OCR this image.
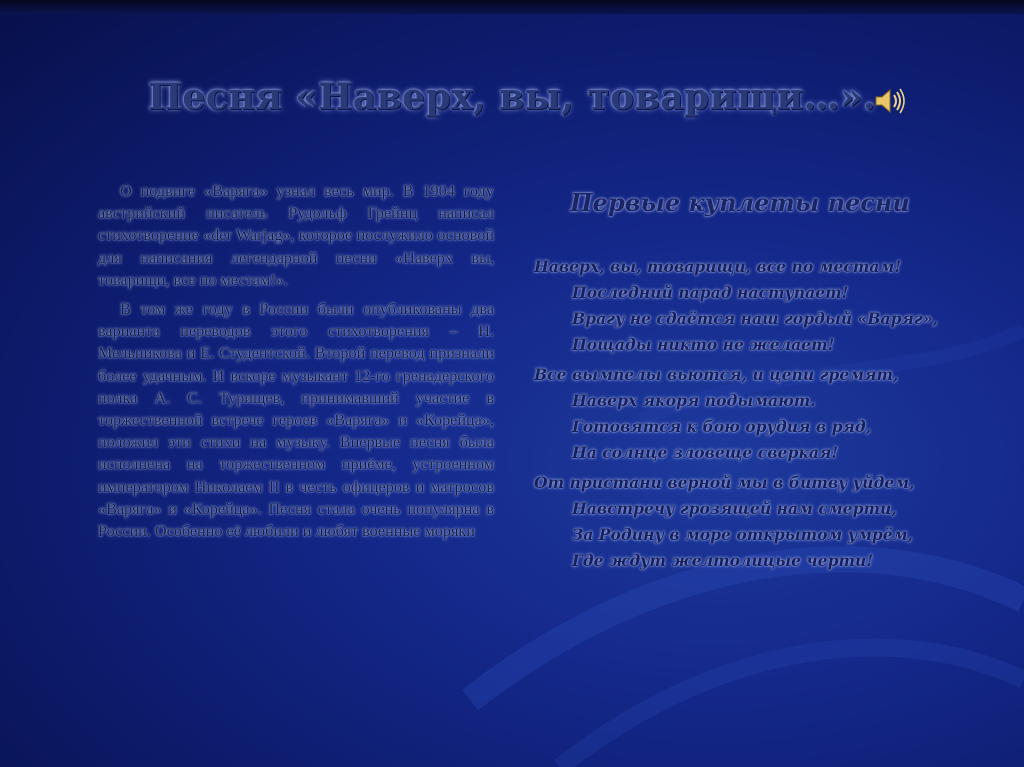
Песня «Наверх, вы, товарищи…».

О подвиге «Варяга» узнал весь мир. В 1904 году австрийский писатель Рудольф Грейнц написал стихотворение «der Warjag», которое послужило основой для написания легендарной песни «Наверх вы, товарищи, все по местам!».

В том же году в России были опубликованы два варианта переводов этого стихотворения – Н. Мельникова и Е. Студентской. Второй перевод признали более удачным. И вскоре музыкант 12-го гренадерского полка А. С. Турищев, принимавший участие в торжественной встрече героев «Варяга» и «Корейца», положил эти стихи на музыку. Впервые песня была исполнена на торжественном приёме, устроенном императором Николаем II в честь офицеров и матросов «Варяга» и «Корейца». Песня стала очень популярна в России. Особенно её любили и любят военные моряки

Первые куплеты песни
Наверх, вы, товарищи, все по местам!
Последний парад наступает!
Врагу не сдаётся наш гордый «Варяг»,
Пощады никто не желает!
Все вымпелы вьются, и цепи гремят,
Наверх якоря подымают.
Готовятся к бою орудия в ряд,
На солнце зловеще сверкая!
От пристани верной мы в битву уйдем,
Навстречу грозящей нам смерти,
За Родину в море открытом умрём,
Где ждут желтолицые черти!
